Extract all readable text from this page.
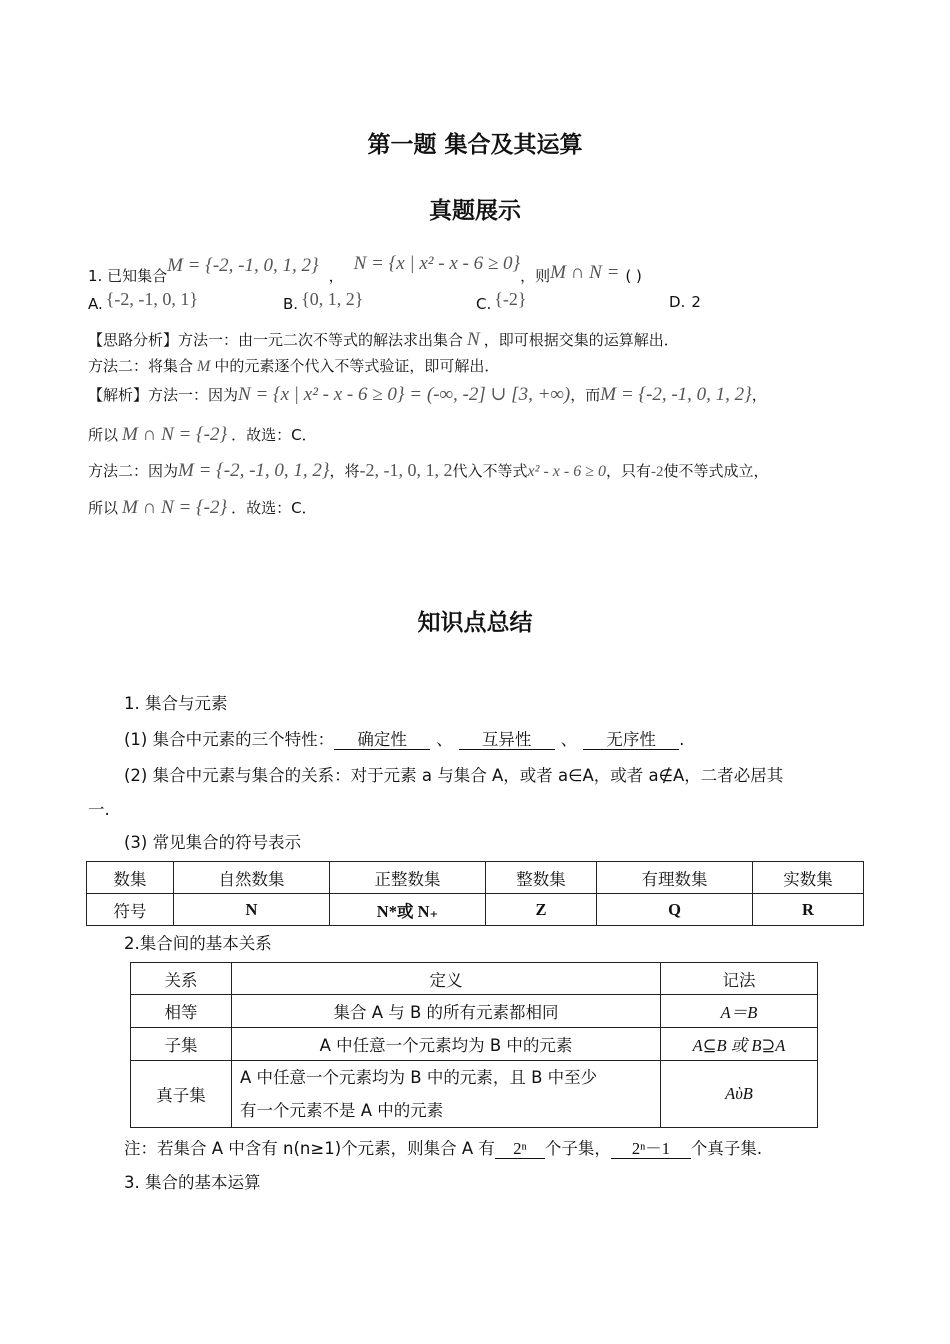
第一题 集合及其运算
真题展示
1. 已知集合M = {-2, -1, 0, 1, 2} ，N = {x | x² - x - 6 ≥ 0}，则M ∩ N = ( )
A. {-2, -1, 0, 1}	B. {0, 1, 2}	C. {-2}	D. 2
【思路分析】方法一：由一元二次不等式的解法求出集合 N ，即可根据交集的运算解出．
方法二：将集合 M 中的元素逐个代入不等式验证，即可解出．
【解析】方法一：因为N = {x | x² - x - 6 ≥ 0} = (-∞, -2] ∪ [3, +∞)，而M = {-2, -1, 0, 1, 2}，
所以 M ∩ N = {-2} ．故选：C．
方法二：因为M = {-2, -1, 0, 1, 2}，将-2, -1, 0, 1, 2代入不等式x² - x - 6 ≥ 0，只有-2使不等式成立，
所以 M ∩ N = {-2} ．故选：C．
知识点总结
1. 集合与元素
(1) 集合中元素的三个特性： 确定性 、 互异性 、 无序性 .
(2) 集合中元素与集合的关系：对于元素 a 与集合 A，或者 a∈A，或者 a∉A，二者必居其
一.
(3) 常见集合的符号表示
数集	自然数集	正整数集	整数集	有理数集	实数集
符号	N	N*或 N₊	Z	Q	R
2.集合间的基本关系
关系	定义	记法
相等	集合 A 与 B 的所有元素都相同	A＝B
子集	A 中任意一个元素均为 B 中的元素	A⊆B 或 B⊇A
真子集	A 中任意一个元素均为 B 中的元素，且 B 中至少
有一个元素不是 A 中的元素	AὺB
注：若集合 A 中含有 n(n≥1)个元素，则集合 A 有 2ⁿ 个子集， 2ⁿ－1 个真子集.
3. 集合的基本运算
